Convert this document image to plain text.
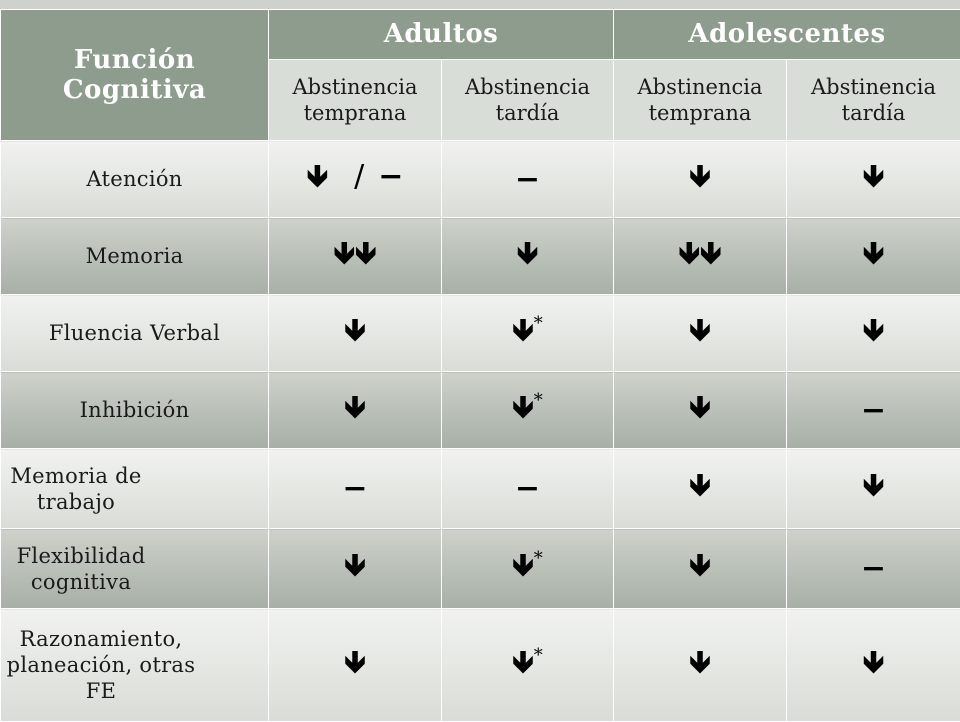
Función Cognitiva	Adultos		Adolescentes	

	Abstinencia temprana	Abstinencia tardía	Abstinencia temprana	Abstinencia tardía

Atención	🡻 / −	−	🡻	🡻
Memoria	🡻🡻	🡻	🡻🡻	🡻
Fluencia Verbal	🡻	🡻*	🡻	🡻
Inhibición	🡻	🡻*	🡻	−

Memoria de trabajo	−	−	🡻	🡻

Flexibilidad cognitiva	🡻	🡻*	🡻	−

Razonamiento, planeación, otras FE	🡻	🡻*	🡻	🡻
